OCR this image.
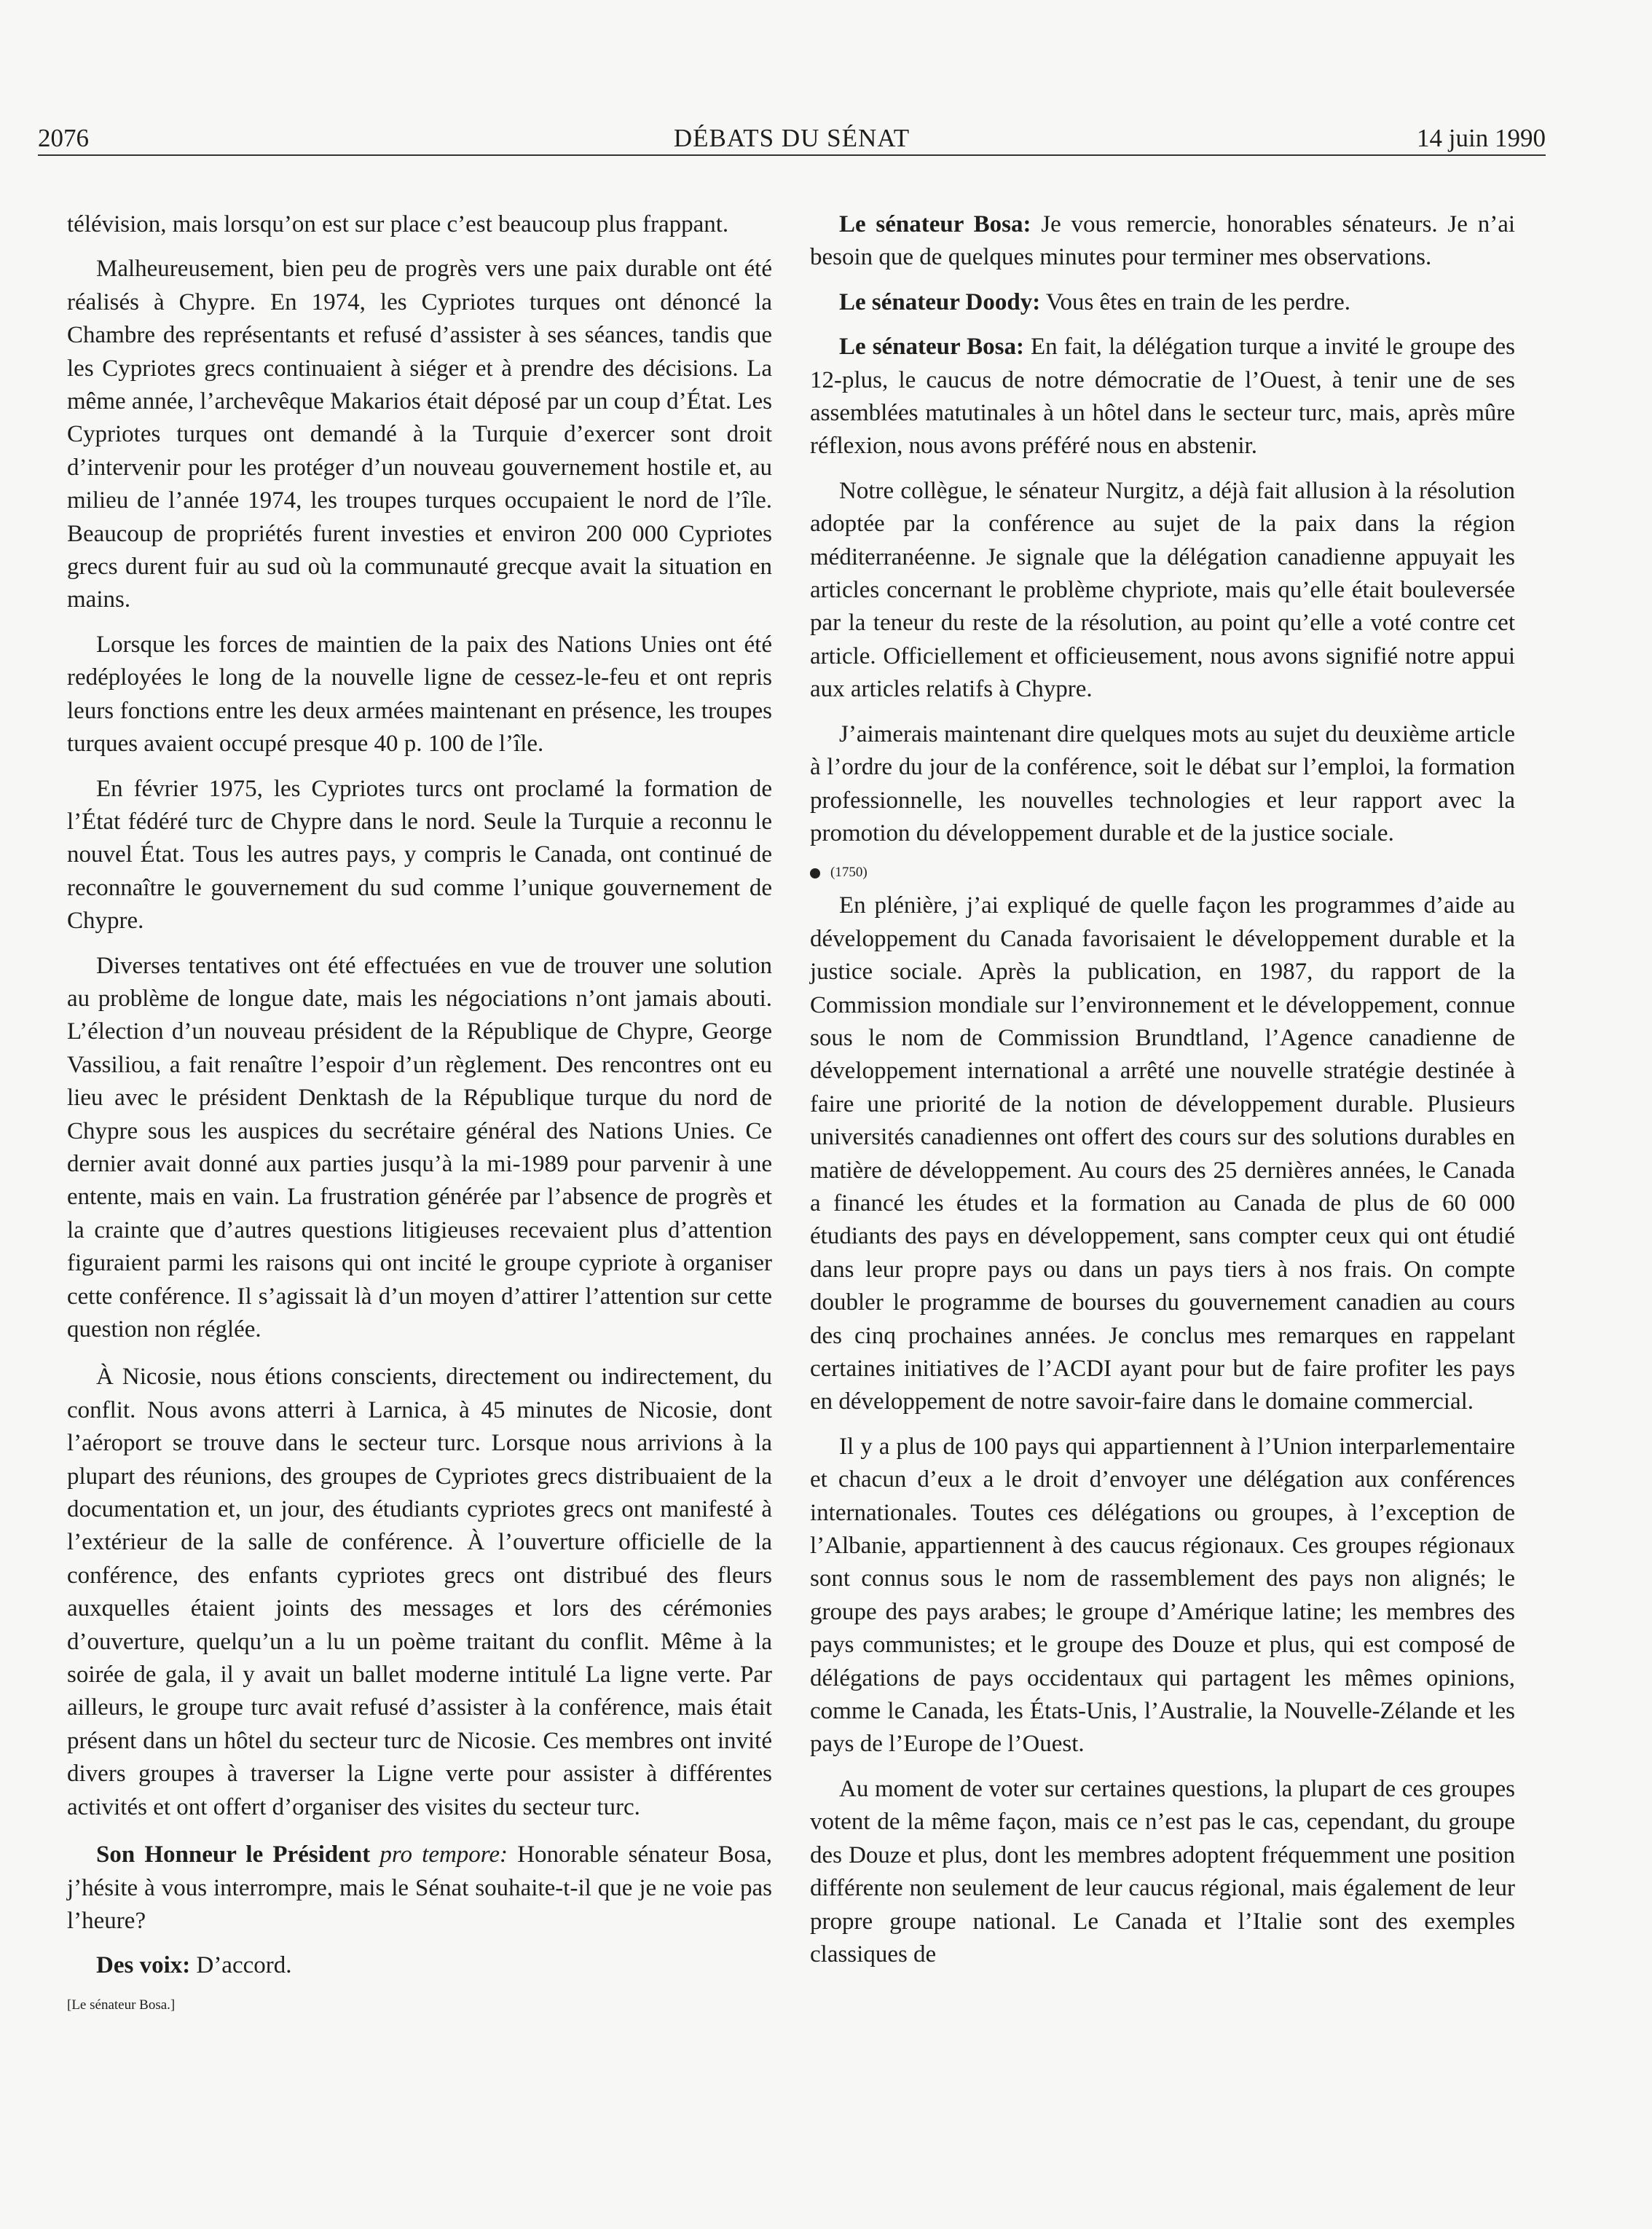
2076	DÉBATS DU SÉNAT	14 juin 1990

télévision, mais lorsqu’on est sur place c’est beaucoup plus frappant.

Malheureusement, bien peu de progrès vers une paix durable ont été réalisés à Chypre. En 1974, les Cypriotes turques ont dénoncé la Chambre des représentants et refusé d’assister à ses séances, tandis que les Cypriotes grecs continuaient à siéger et à prendre des décisions. La même année, l’archevêque Makarios était déposé par un coup d’État. Les Cypriotes turques ont demandé à la Turquie d’exercer sont droit d’intervenir pour les protéger d’un nouveau gouvernement hostile et, au milieu de l’année 1974, les troupes turques occupaient le nord de l’île. Beaucoup de propriétés furent investies et environ 200 000 Cypriotes grecs durent fuir au sud où la communauté grecque avait la situation en mains.

Lorsque les forces de maintien de la paix des Nations Unies ont été redéployées le long de la nouvelle ligne de cessez-le-feu et ont repris leurs fonctions entre les deux armées maintenant en présence, les troupes turques avaient occupé presque 40 p. 100 de l’île.

En février 1975, les Cypriotes turcs ont proclamé la formation de l’État fédéré turc de Chypre dans le nord. Seule la Turquie a reconnu le nouvel État. Tous les autres pays, y compris le Canada, ont continué de reconnaître le gouvernement du sud comme l’unique gouvernement de Chypre.

Diverses tentatives ont été effectuées en vue de trouver une solution au problème de longue date, mais les négociations n’ont jamais abouti. L’élection d’un nouveau président de la République de Chypre, George Vassiliou, a fait renaître l’espoir d’un règlement. Des rencontres ont eu lieu avec le président Denktash de la République turque du nord de Chypre sous les auspices du secrétaire général des Nations Unies. Ce dernier avait donné aux parties jusqu’à la mi-1989 pour parvenir à une entente, mais en vain. La frustration générée par l’absence de progrès et la crainte que d’autres questions litigieuses recevaient plus d’attention figuraient parmi les raisons qui ont incité le groupe cypriote à organiser cette conférence. Il s’agissait là d’un moyen d’attirer l’attention sur cette question non réglée.

À Nicosie, nous étions conscients, directement ou indirectement, du conflit. Nous avons atterri à Larnica, à 45 minutes de Nicosie, dont l’aéroport se trouve dans le secteur turc. Lorsque nous arrivions à la plupart des réunions, des groupes de Cypriotes grecs distribuaient de la documentation et, un jour, des étudiants cypriotes grecs ont manifesté à l’extérieur de la salle de conférence. À l’ouverture officielle de la conférence, des enfants cypriotes grecs ont distribué des fleurs auxquelles étaient joints des messages et lors des cérémonies d’ouverture, quelqu’un a lu un poème traitant du conflit. Même à la soirée de gala, il y avait un ballet moderne intitulé La ligne verte. Par ailleurs, le groupe turc avait refusé d’assister à la conférence, mais était présent dans un hôtel du secteur turc de Nicosie. Ces membres ont invité divers groupes à traverser la Ligne verte pour assister à différentes activités et ont offert d’organiser des visites du secteur turc.

Son Honneur le Président pro tempore: Honorable sénateur Bosa, j’hésite à vous interrompre, mais le Sénat souhaite-t-il que je ne voie pas l’heure?

Des voix: D’accord.

[Le sénateur Bosa.]

Le sénateur Bosa: Je vous remercie, honorables sénateurs. Je n’ai besoin que de quelques minutes pour terminer mes observations.

Le sénateur Doody: Vous êtes en train de les perdre.

Le sénateur Bosa: En fait, la délégation turque a invité le groupe des 12-plus, le caucus de notre démocratie de l’Ouest, à tenir une de ses assemblées matutinales à un hôtel dans le secteur turc, mais, après mûre réflexion, nous avons préféré nous en abstenir.

Notre collègue, le sénateur Nurgitz, a déjà fait allusion à la résolution adoptée par la conférence au sujet de la paix dans la région méditerranéenne. Je signale que la délégation canadienne appuyait les articles concernant le problème chypriote, mais qu’elle était bouleversée par la teneur du reste de la résolution, au point qu’elle a voté contre cet article. Officiellement et officieusement, nous avons signifié notre appui aux articles relatifs à Chypre.

J’aimerais maintenant dire quelques mots au sujet du deuxième article à l’ordre du jour de la conférence, soit le débat sur l’emploi, la formation professionnelle, les nouvelles technologies et leur rapport avec la promotion du développement durable et de la justice sociale.

(1750)

En plénière, j’ai expliqué de quelle façon les programmes d’aide au développement du Canada favorisaient le développement durable et la justice sociale. Après la publication, en 1987, du rapport de la Commission mondiale sur l’environnement et le développement, connue sous le nom de Commission Brundtland, l’Agence canadienne de développement international a arrêté une nouvelle stratégie destinée à faire une priorité de la notion de développement durable. Plusieurs universités canadiennes ont offert des cours sur des solutions durables en matière de développement. Au cours des 25 dernières années, le Canada a financé les études et la formation au Canada de plus de 60 000 étudiants des pays en développement, sans compter ceux qui ont étudié dans leur propre pays ou dans un pays tiers à nos frais. On compte doubler le programme de bourses du gouvernement canadien au cours des cinq prochaines années. Je conclus mes remarques en rappelant certaines initiatives de l’ACDI ayant pour but de faire profiter les pays en développement de notre savoir-faire dans le domaine commercial.

Il y a plus de 100 pays qui appartiennent à l’Union interparlementaire et chacun d’eux a le droit d’envoyer une délégation aux conférences internationales. Toutes ces délégations ou groupes, à l’exception de l’Albanie, appartiennent à des caucus régionaux. Ces groupes régionaux sont connus sous le nom de rassemblement des pays non alignés; le groupe des pays arabes; le groupe d’Amérique latine; les membres des pays communistes; et le groupe des Douze et plus, qui est composé de délégations de pays occidentaux qui partagent les mêmes opinions, comme le Canada, les États-Unis, l’Australie, la Nouvelle-Zélande et les pays de l’Europe de l’Ouest.

Au moment de voter sur certaines questions, la plupart de ces groupes votent de la même façon, mais ce n’est pas le cas, cependant, du groupe des Douze et plus, dont les membres adoptent fréquemment une position différente non seulement de leur caucus régional, mais également de leur propre groupe national. Le Canada et l’Italie sont des exemples classiques de
